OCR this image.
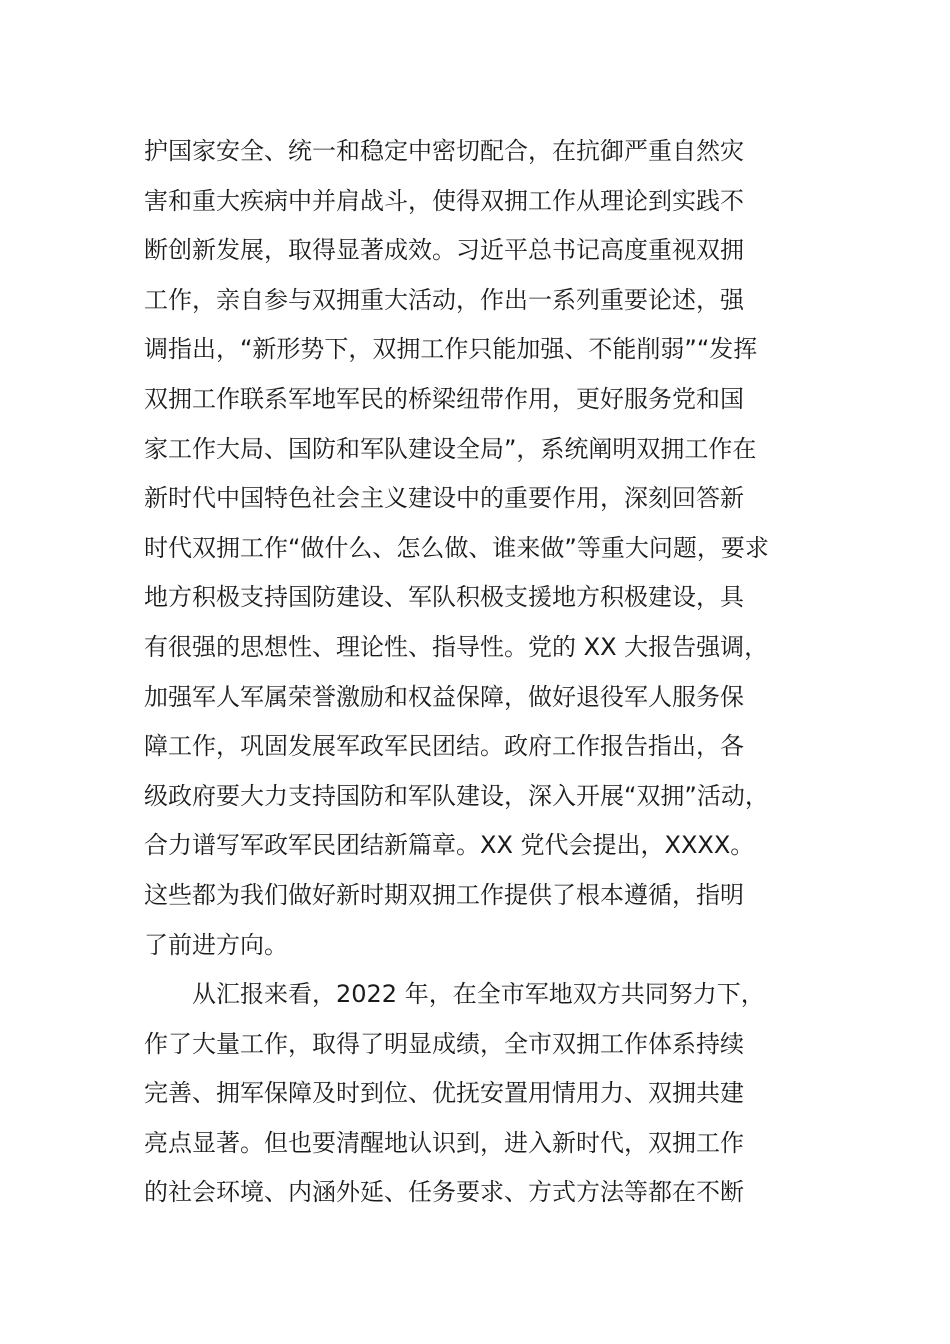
护国家安全、统一和稳定中密切配合，在抗御严重自然灾
害和重大疾病中并肩战斗，使得双拥工作从理论到实践不
断创新发展，取得显著成效。习近平总书记高度重视双拥
工作，亲自参与双拥重大活动，作出一系列重要论述，强
调指出，“新形势下，双拥工作只能加强、不能削弱”“发挥
双拥工作联系军地军民的桥梁纽带作用，更好服务党和国
家工作大局、国防和军队建设全局”，系统阐明双拥工作在
新时代中国特色社会主义建设中的重要作用，深刻回答新
时代双拥工作“做什么、怎么做、谁来做”等重大问题，要求
地方积极支持国防建设、军队积极支援地方积极建设，具
有很强的思想性、理论性、指导性。党的 XX 大报告强调，
加强军人军属荣誉激励和权益保障，做好退役军人服务保
障工作，巩固发展军政军民团结。政府工作报告指出，各
级政府要大力支持国防和军队建设，深入开展“双拥”活动，
合力谱写军政军民团结新篇章。XX 党代会提出，XXXX。
这些都为我们做好新时期双拥工作提供了根本遵循，指明
了前进方向。
从汇报来看，2022 年，在全市军地双方共同努力下，
作了大量工作，取得了明显成绩，全市双拥工作体系持续
完善、拥军保障及时到位、优抚安置用情用力、双拥共建
亮点显著。但也要清醒地认识到，进入新时代，双拥工作
的社会环境、内涵外延、任务要求、方式方法等都在不断
